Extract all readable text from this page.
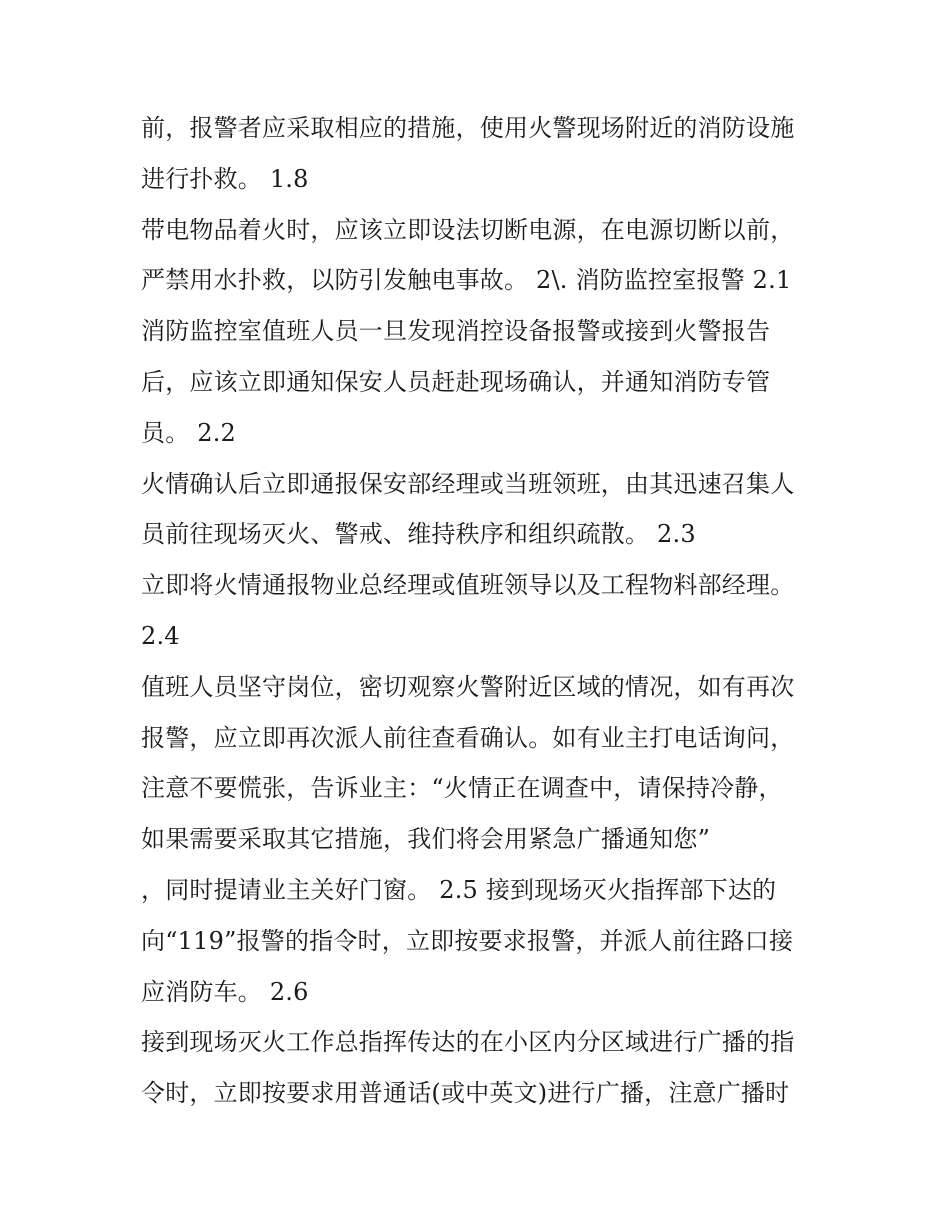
前，报警者应采取相应的措施，使用火警现场附近的消防设施
进行扑救。 1.8
带电物品着火时，应该立即设法切断电源，在电源切断以前，
严禁用水扑救，以防引发触电事故。 2\. 消防监控室报警 2.1
消防监控室值班人员一旦发现消控设备报警或接到火警报告
后，应该立即通知保安人员赶赴现场确认，并通知消防专管
员。 2.2
火情确认后立即通报保安部经理或当班领班，由其迅速召集人
员前往现场灭火、警戒、维持秩序和组织疏散。 2.3
立即将火情通报物业总经理或值班领导以及工程物料部经理。
2.4
值班人员坚守岗位，密切观察火警附近区域的情况，如有再次
报警，应立即再次派人前往查看确认。如有业主打电话询问，
注意不要慌张，告诉业主：“火情正在调查中，请保持冷静，
如果需要采取其它措施，我们将会用紧急广播通知您”
，同时提请业主关好门窗。 2.5 接到现场灭火指挥部下达的
向“119”报警的指令时，立即按要求报警，并派人前往路口接
应消防车。 2.6
接到现场灭火工作总指挥传达的在小区内分区域进行广播的指
令时，立即按要求用普通话(或中英文)进行广播，注意广播时
